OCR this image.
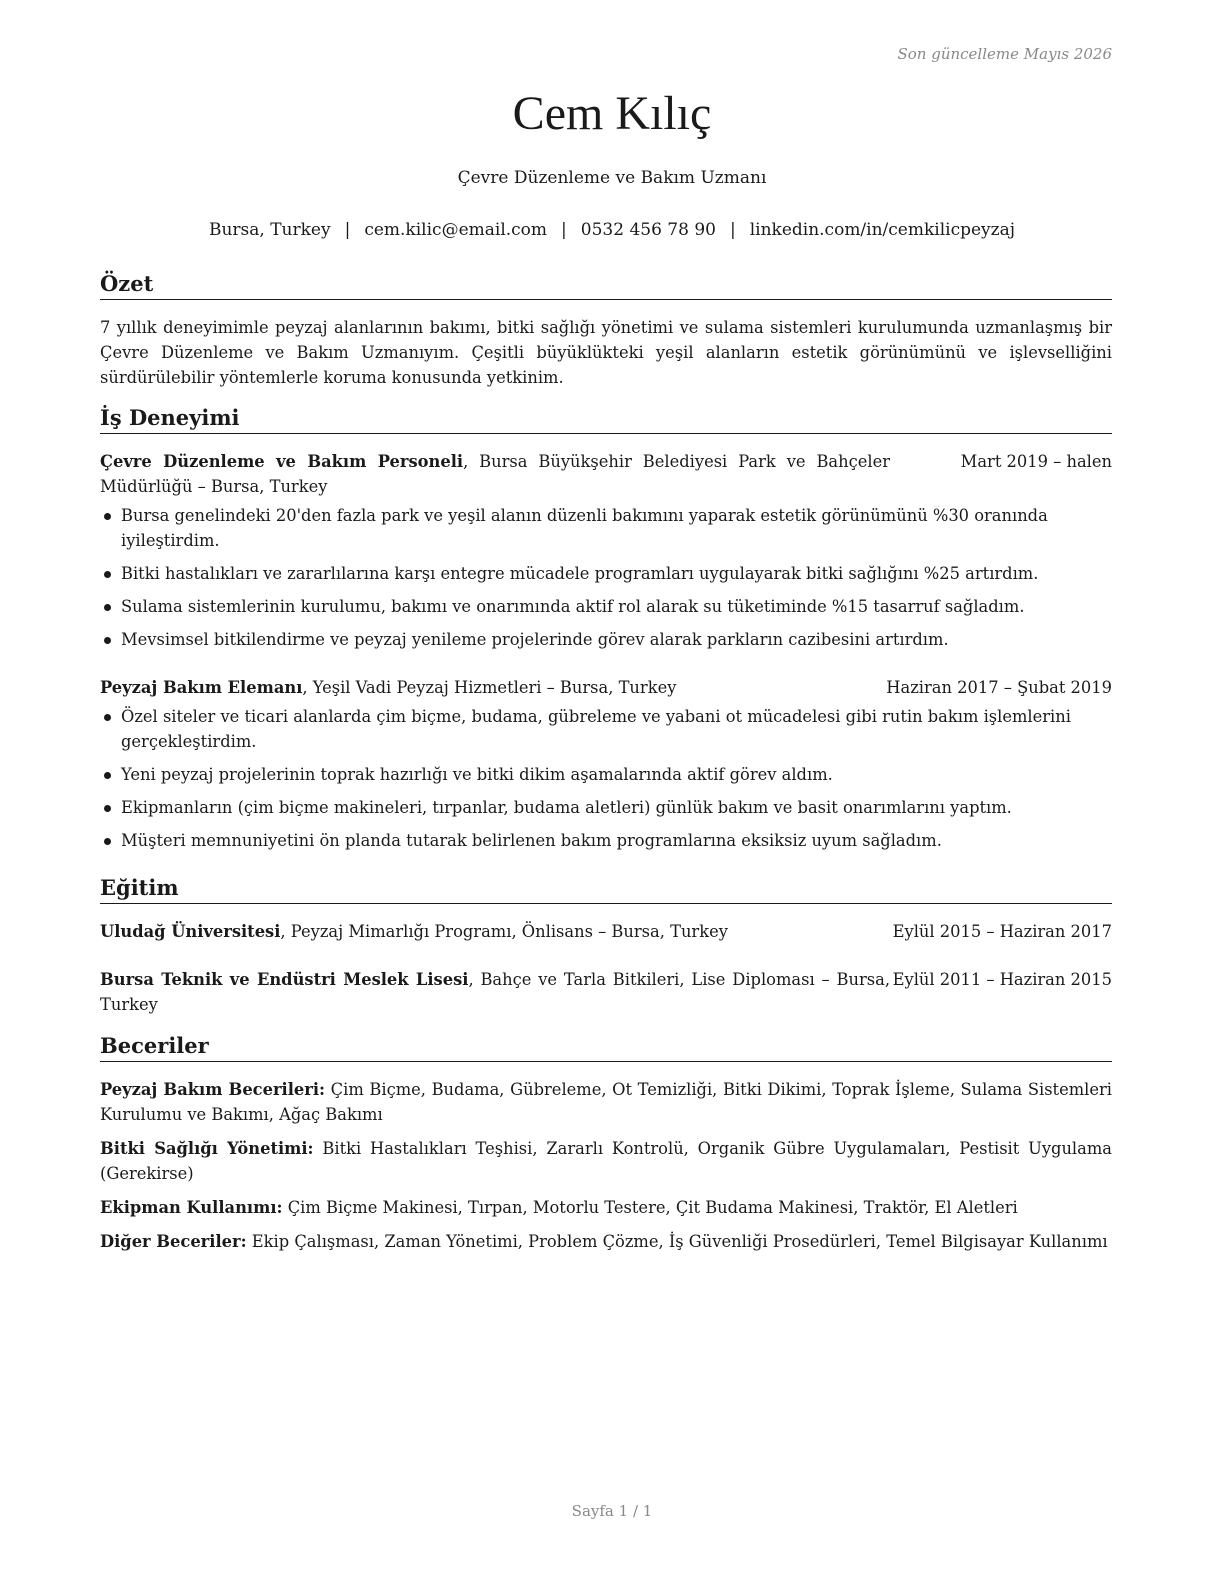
Son güncelleme Mayıs 2026
Cem Kılıç
Çevre Düzenleme ve Bakım Uzmanı
Bursa, Turkey | cem.kilic@email.com | 0532 456 78 90 | linkedin.com/in/cemkilicpeyzaj
Özet
7 yıllık deneyimimle peyzaj alanlarının bakımı, bitki sağlığı yönetimi ve sulama sistemleri kurulumunda uzmanlaşmış bir Çevre Düzenleme ve Bakım Uzmanıyım. Çeşitli büyüklükteki yeşil alanların estetik görünümünü ve işlevselliğini sürdürülebilir yöntemlerle koruma konusunda yetkinim.
İş Deneyimi
Çevre Düzenleme ve Bakım Personeli, Bursa Büyükşehir Belediyesi Park ve Bahçeler Müdürlüğü – Bursa, Turkey
Mart 2019 – halen
Bursa genelindeki 20'den fazla park ve yeşil alanın düzenli bakımını yaparak estetik görünümünü %30 oranında iyileştirdim.
Bitki hastalıkları ve zararlılarına karşı entegre mücadele programları uygulayarak bitki sağlığını %25 artırdım.
Sulama sistemlerinin kurulumu, bakımı ve onarımında aktif rol alarak su tüketiminde %15 tasarruf sağladım.
Mevsimsel bitkilendirme ve peyzaj yenileme projelerinde görev alarak parkların cazibesini artırdım.
Peyzaj Bakım Elemanı, Yeşil Vadi Peyzaj Hizmetleri – Bursa, Turkey	Haziran 2017 – Şubat 2019
Özel siteler ve ticari alanlarda çim biçme, budama, gübreleme ve yabani ot mücadelesi gibi rutin bakım işlemlerini gerçekleştirdim.
Yeni peyzaj projelerinin toprak hazırlığı ve bitki dikim aşamalarında aktif görev aldım.
Ekipmanların (çim biçme makineleri, tırpanlar, budama aletleri) günlük bakım ve basit onarımlarını yaptım.
Müşteri memnuniyetini ön planda tutarak belirlenen bakım programlarına eksiksiz uyum sağladım.
Eğitim
Uludağ Üniversitesi, Peyzaj Mimarlığı Programı, Önlisans – Bursa, Turkey	Eylül 2015 – Haziran 2017
Bursa Teknik ve Endüstri Meslek Lisesi, Bahçe ve Tarla Bitkileri, Lise Diploması – Bursa, Turkey
Eylül 2011 – Haziran 2015
Beceriler
Peyzaj Bakım Becerileri: Çim Biçme, Budama, Gübreleme, Ot Temizliği, Bitki Dikimi, Toprak İşleme, Sulama Sistemleri Kurulumu ve Bakımı, Ağaç Bakımı
Bitki Sağlığı Yönetimi: Bitki Hastalıkları Teşhisi, Zararlı Kontrolü, Organik Gübre Uygulamaları, Pestisit Uygulama (Gerekirse)
Ekipman Kullanımı: Çim Biçme Makinesi, Tırpan, Motorlu Testere, Çit Budama Makinesi, Traktör, El Aletleri
Diğer Beceriler: Ekip Çalışması, Zaman Yönetimi, Problem Çözme, İş Güvenliği Prosedürleri, Temel Bilgisayar Kullanımı
Sayfa 1 / 1
